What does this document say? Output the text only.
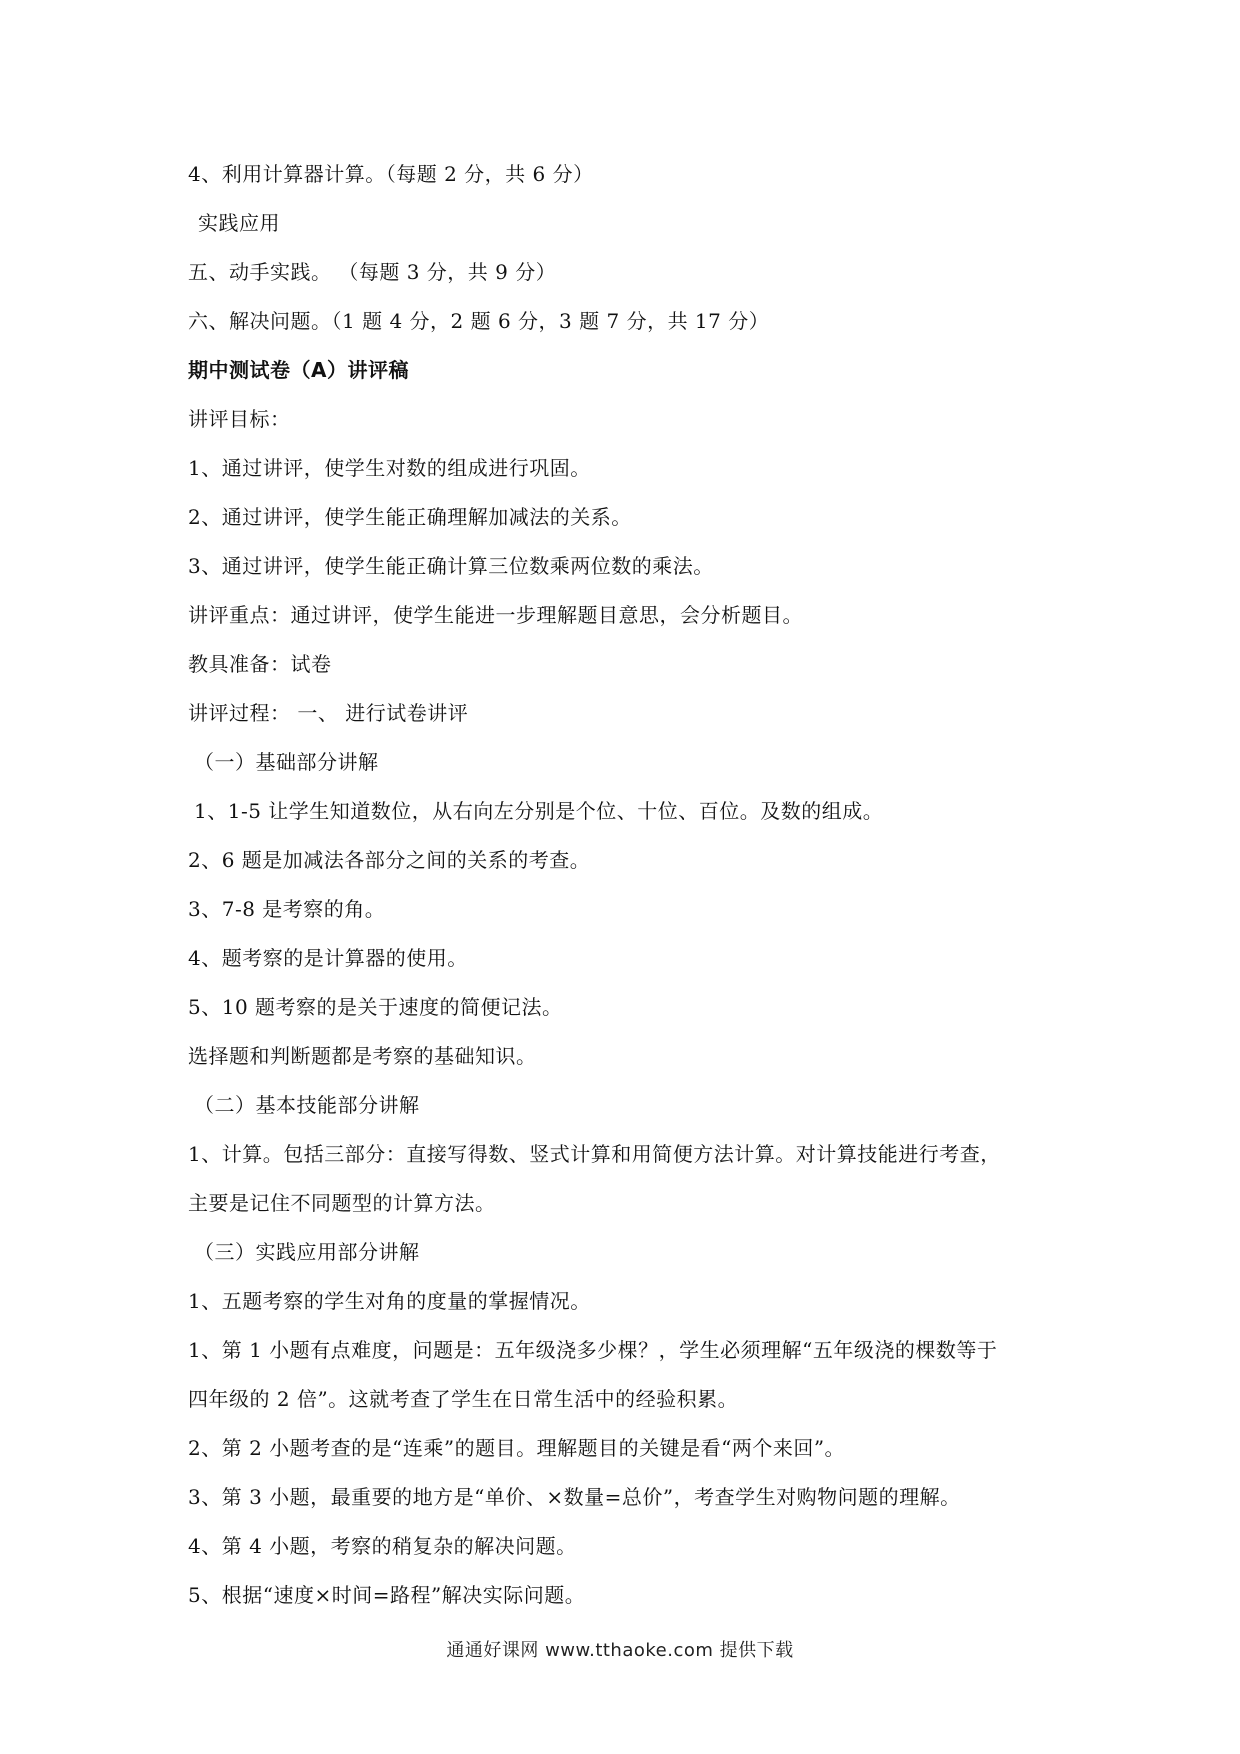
4、利用计算器计算。（每题 2 分，共 6 分）
实践应用
五、动手实践。 （每题 3 分，共 9 分）
六、解决问题。（1 题 4 分，2 题 6 分，3 题 7 分，共 17 分）
期中测试卷（A）讲评稿
讲评目标：
1、通过讲评，使学生对数的组成进行巩固。
2、通过讲评，使学生能正确理解加减法的关系。
3、通过讲评，使学生能正确计算三位数乘两位数的乘法。
讲评重点：通过讲评，使学生能进一步理解题目意思，会分析题目。
教具准备：试卷
讲评过程： 一、 进行试卷讲评
（一）基础部分讲解
1、1-5 让学生知道数位，从右向左分别是个位、十位、百位。及数的组成。
2、6 题是加减法各部分之间的关系的考查。
3、7-8 是考察的角。
4、题考察的是计算器的使用。
5、10 题考察的是关于速度的简便记法。
选择题和判断题都是考察的基础知识。
（二）基本技能部分讲解
1、计算。包括三部分：直接写得数、竖式计算和用简便方法计算。对计算技能进行考查，
主要是记住不同题型的计算方法。
（三）实践应用部分讲解
1、五题考察的学生对角的度量的掌握情况。
1、第 1 小题有点难度，问题是：五年级浇多少棵？，学生必须理解“五年级浇的棵数等于
四年级的 2 倍”。这就考查了学生在日常生活中的经验积累。
2、第 2 小题考查的是“连乘”的题目。理解题目的关键是看“两个来回”。
3、第 3 小题，最重要的地方是“单价、×数量=总价”，考查学生对购物问题的理解。
4、第 4 小题，考察的稍复杂的解决问题。
5、根据“速度×时间=路程”解决实际问题。
通通好课网 www.tthaoke.com 提供下载
